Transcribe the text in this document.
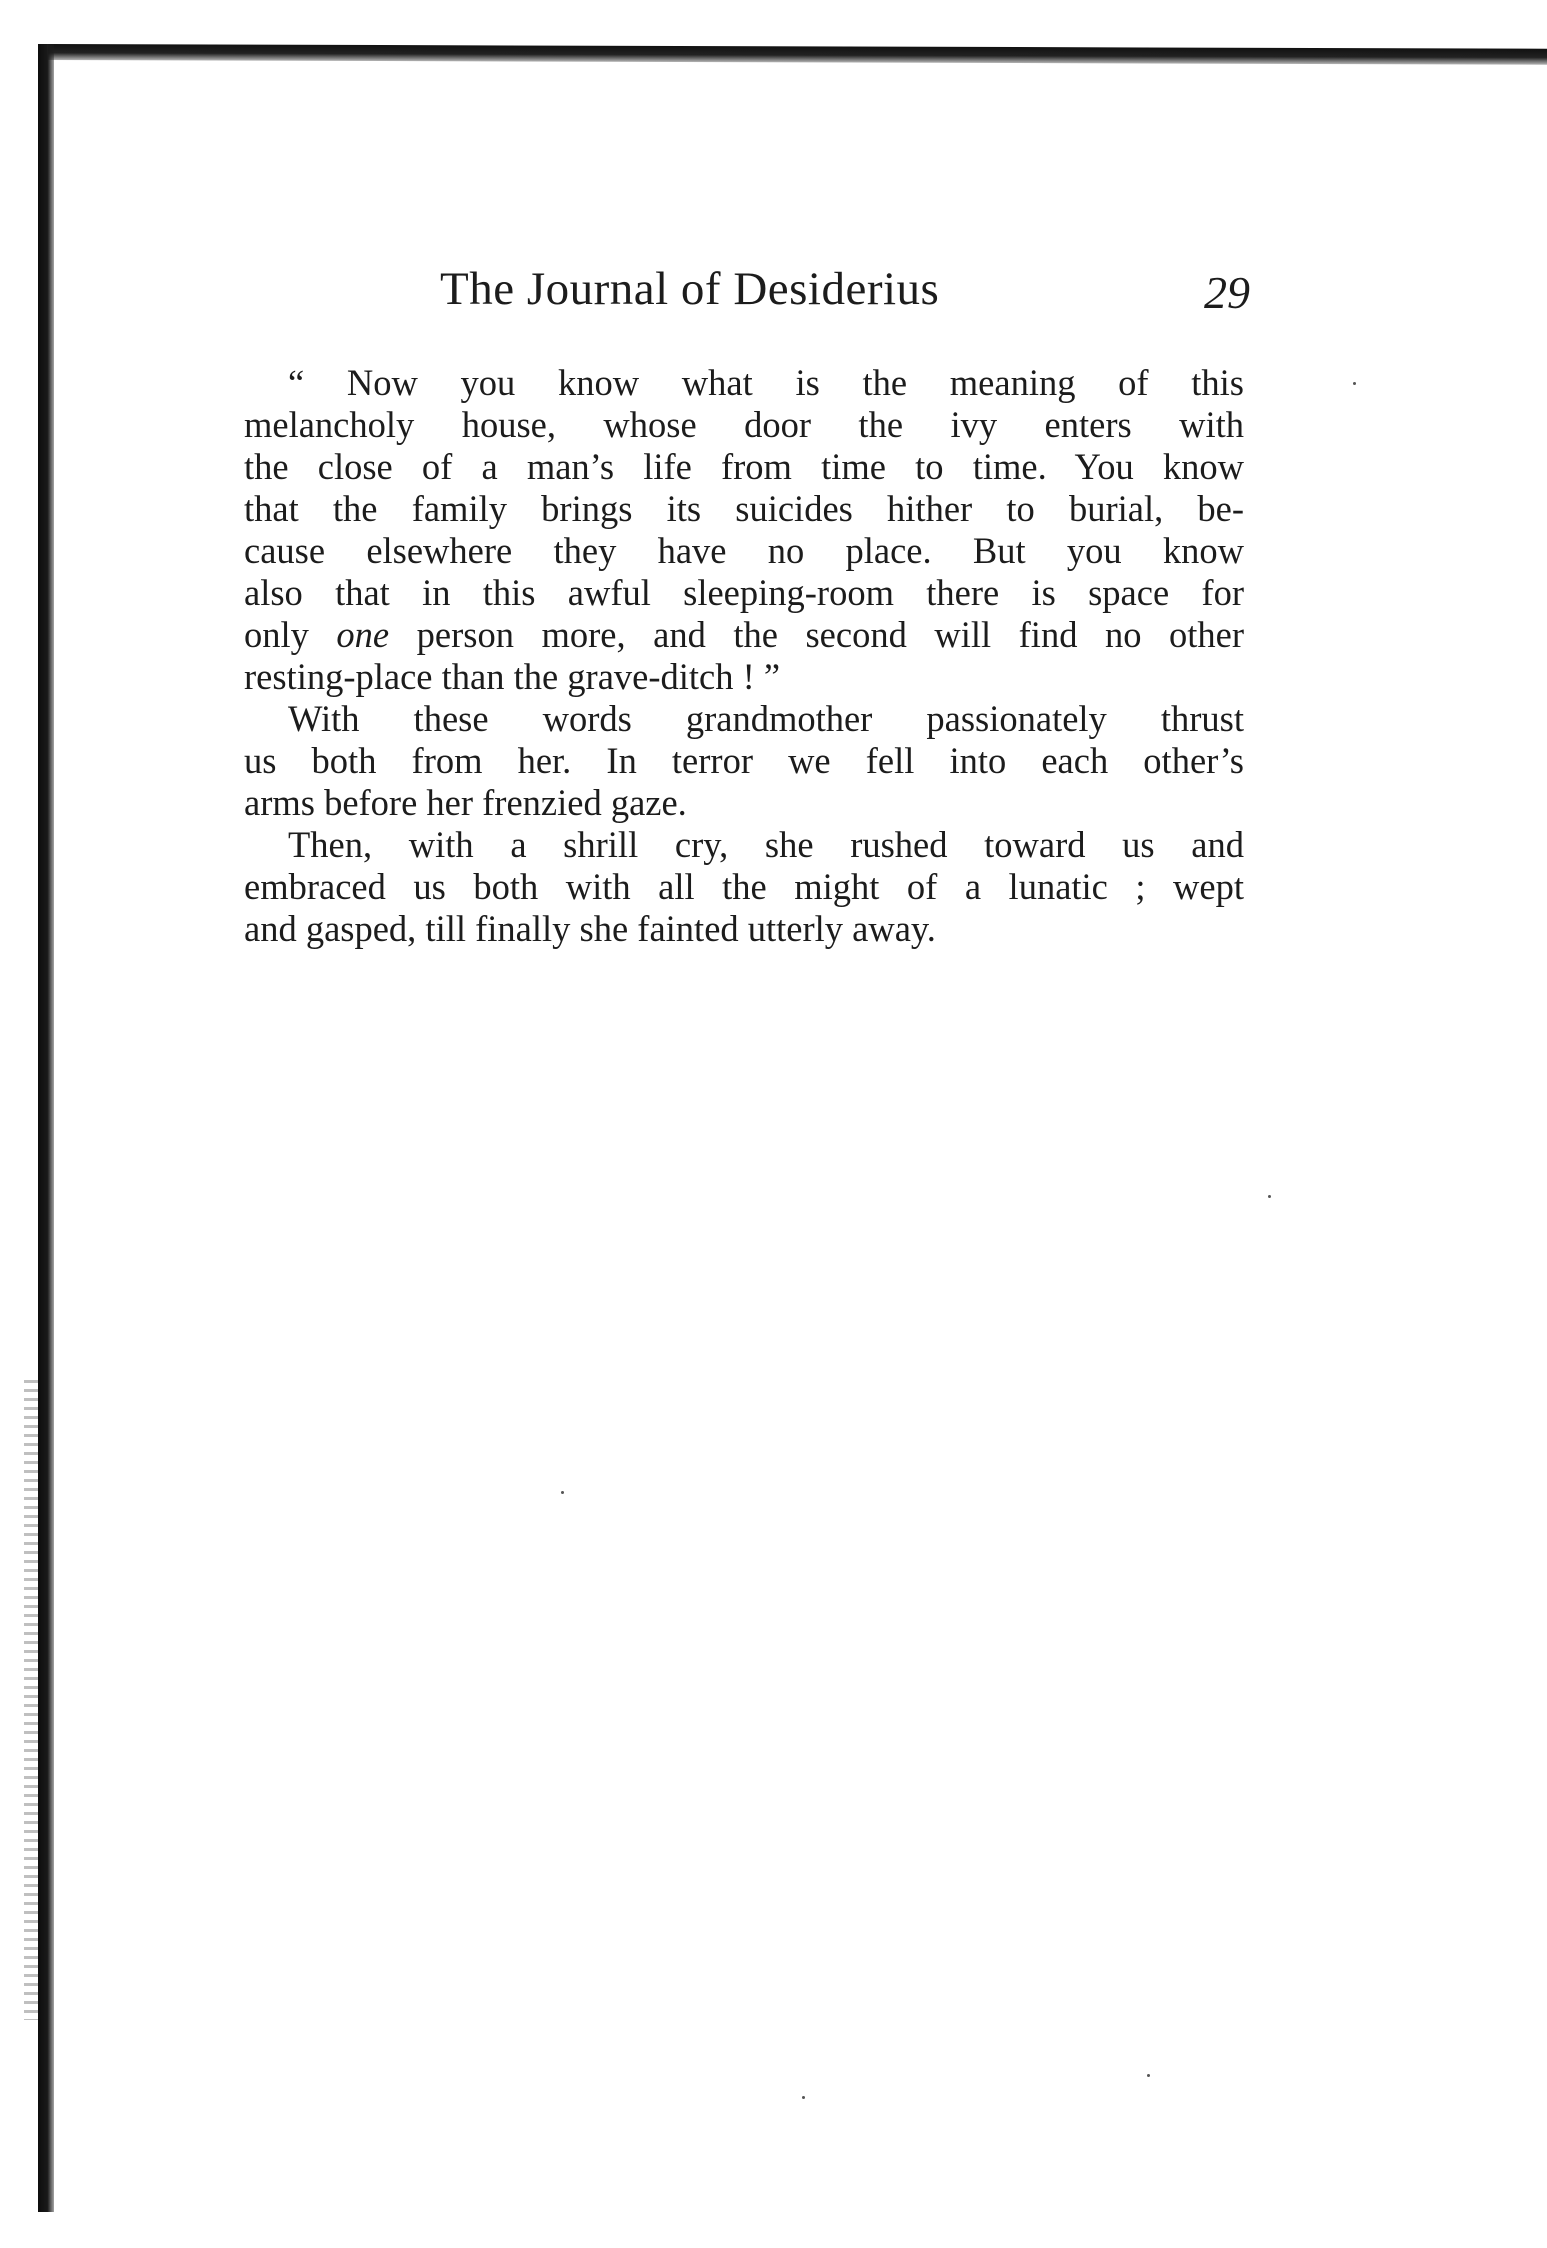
The Journal of Desiderius	29
“ Now you know what is the meaning of this
melancholy house, whose door the ivy enters with
the close of a man’s life from time to time. You know
that the family brings its suicides hither to burial, be-
cause elsewhere they have no place. But you know
also that in this awful sleeping-room there is space for
only one person more, and the second will find no other
resting-place than the grave-ditch ! ”
With these words grandmother passionately thrust
us both from her. In terror we fell into each other’s
arms before her frenzied gaze.
Then, with a shrill cry, she rushed toward us and
embraced us both with all the might of a lunatic ; wept
and gasped, till finally she fainted utterly away.
